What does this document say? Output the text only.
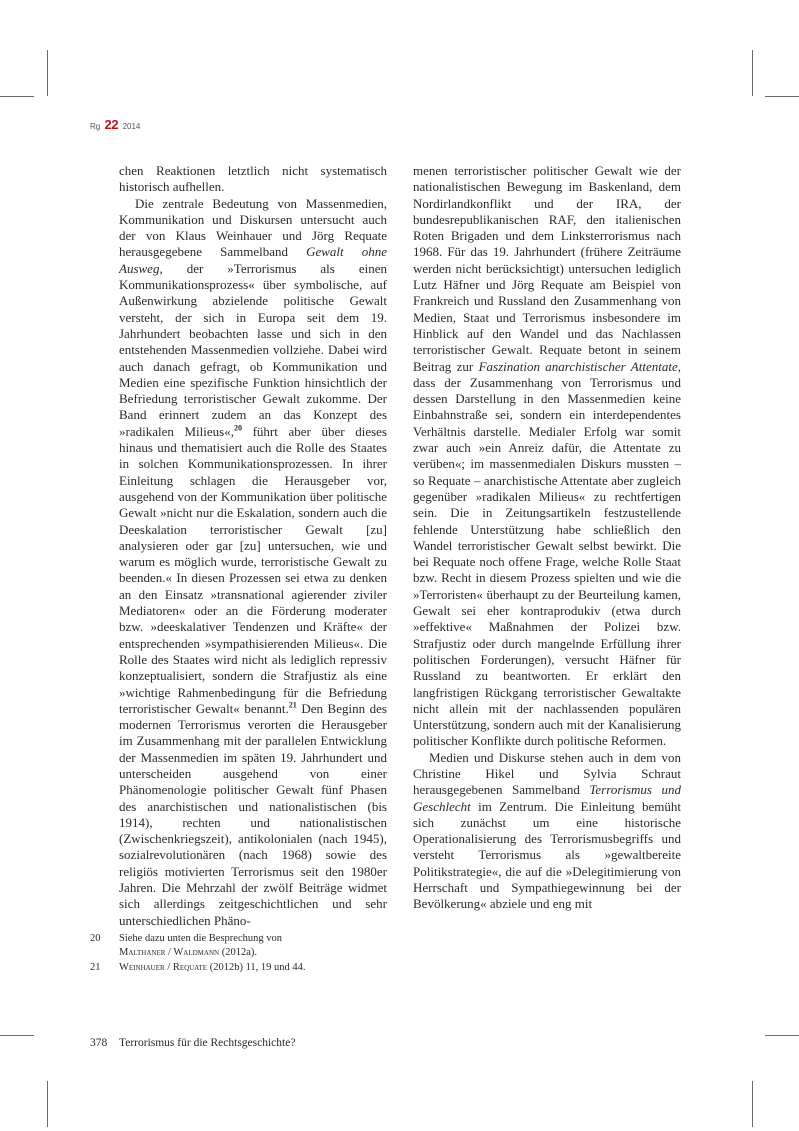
Rg 22 2014

chen Reaktionen letztlich nicht systematisch historisch aufhellen.

Die zentrale Bedeutung von Massenmedien, Kommunikation und Diskursen untersucht auch der von Klaus Weinhauer und Jörg Requate herausgegebene Sammelband Gewalt ohne Ausweg, der »Terrorismus als einen Kommunikationsprozess« über symbolische, auf Außenwirkung abzielende politische Gewalt versteht, der sich in Europa seit dem 19. Jahrhundert beobachten lasse und sich in den entstehenden Massenmedien vollziehe. Dabei wird auch danach gefragt, ob Kommunikation und Medien eine spezifische Funktion hinsichtlich der Befriedung terroristischer Gewalt zukomme. Der Band erinnert zudem an das Konzept des »radikalen Milieus«,$^{20}$ führt aber über dieses hinaus und thematisiert auch die Rolle des Staates in solchen Kommunikationsprozessen. In ihrer Einleitung schlagen die Herausgeber vor, ausgehend von der Kommunikation über politische Gewalt »nicht nur die Eskalation, sondern auch die Deeskalation terroristischer Gewalt [zu] analysieren oder gar [zu] untersuchen, wie und warum es möglich wurde, terroristische Gewalt zu beenden.« In diesen Prozessen sei etwa zu denken an den Einsatz »transnational agierender ziviler Mediatoren« oder an die Förderung moderater bzw. »deeskalativer Tendenzen und Kräfte« der entsprechenden »sympathisierenden Milieus«. Die Rolle des Staates wird nicht als lediglich repressiv konzeptualisiert, sondern die Strafjustiz als eine »wichtige Rahmenbedingung für die Befriedung terroristischer Gewalt« benannt.$^{21}$ Den Beginn des modernen Terrorismus verorten die Herausgeber im Zusammenhang mit der parallelen Entwicklung der Massenmedien im späten 19. Jahrhundert und unterscheiden ausgehend von einer Phänomenologie politischer Gewalt fünf Phasen des anarchistischen und nationalistischen (bis 1914), rechten und nationalistischen (Zwischenkriegszeit), antikolonialen (nach 1945), sozialrevolutionären (nach 1968) sowie des religiös motivierten Terrorismus seit den 1980er Jahren. Die Mehrzahl der zwölf Beiträge widmet sich allerdings zeitgeschichtlichen und sehr unterschiedlichen Phäno-

menen terroristischer politischer Gewalt wie der nationalistischen Bewegung im Baskenland, dem Nordirlandkonflikt und der IRA, der bundesrepublikanischen RAF, den italienischen Roten Brigaden und dem Linksterrorismus nach 1968. Für das 19. Jahrhundert (frühere Zeiträume werden nicht berücksichtigt) untersuchen lediglich Lutz Häfner und Jörg Requate am Beispiel von Frankreich und Russland den Zusammenhang von Medien, Staat und Terrorismus insbesondere im Hinblick auf den Wandel und das Nachlassen terroristischer Gewalt. Requate betont in seinem Beitrag zur Faszination anarchistischer Attentate, dass der Zusammenhang von Terrorismus und dessen Darstellung in den Massenmedien keine Einbahnstraße sei, sondern ein interdependentes Verhältnis darstelle. Medialer Erfolg war somit zwar auch »ein Anreiz dafür, die Attentate zu verüben«; im massenmedialen Diskurs mussten – so Requate – anarchistische Attentate aber zugleich gegenüber »radikalen Milieus« zu rechtfertigen sein. Die in Zeitungsartikeln festzustellende fehlende Unterstützung habe schließlich den Wandel terroristischer Gewalt selbst bewirkt. Die bei Requate noch offene Frage, welche Rolle Staat bzw. Recht in diesem Prozess spielten und wie die »Terroristen« überhaupt zu der Beurteilung kamen, Gewalt sei eher kontraprodukiv (etwa durch »effektive« Maßnahmen der Polizei bzw. Strafjustiz oder durch mangelnde Erfüllung ihrer politischen Forderungen), versucht Häfner für Russland zu beantworten. Er erklärt den langfristigen Rückgang terroristischer Gewaltakte nicht allein mit der nachlassenden populären Unterstützung, sondern auch mit der Kanalisierung politischer Konflikte durch politische Reformen.

Medien und Diskurse stehen auch in dem von Christine Hikel und Sylvia Schraut herausgegebenen Sammelband Terrorismus und Geschlecht im Zentrum. Die Einleitung bemüht sich zunächst um eine historische Operationalisierung des Terrorismusbegriffs und versteht Terrorismus als »gewaltbereite Politikstrategie«, die auf die »Delegitimierung von Herrschaft und Sympathiegewinnung bei der Bevölkerung« abziele und eng mit

20	Siehe dazu unten die Besprechung von Malthaner / Waldmann (2012a).
21	Weinhauer / Requate (2012b) 11, 19 und 44.
378	Terrorismus für die Rechtsgeschichte?
